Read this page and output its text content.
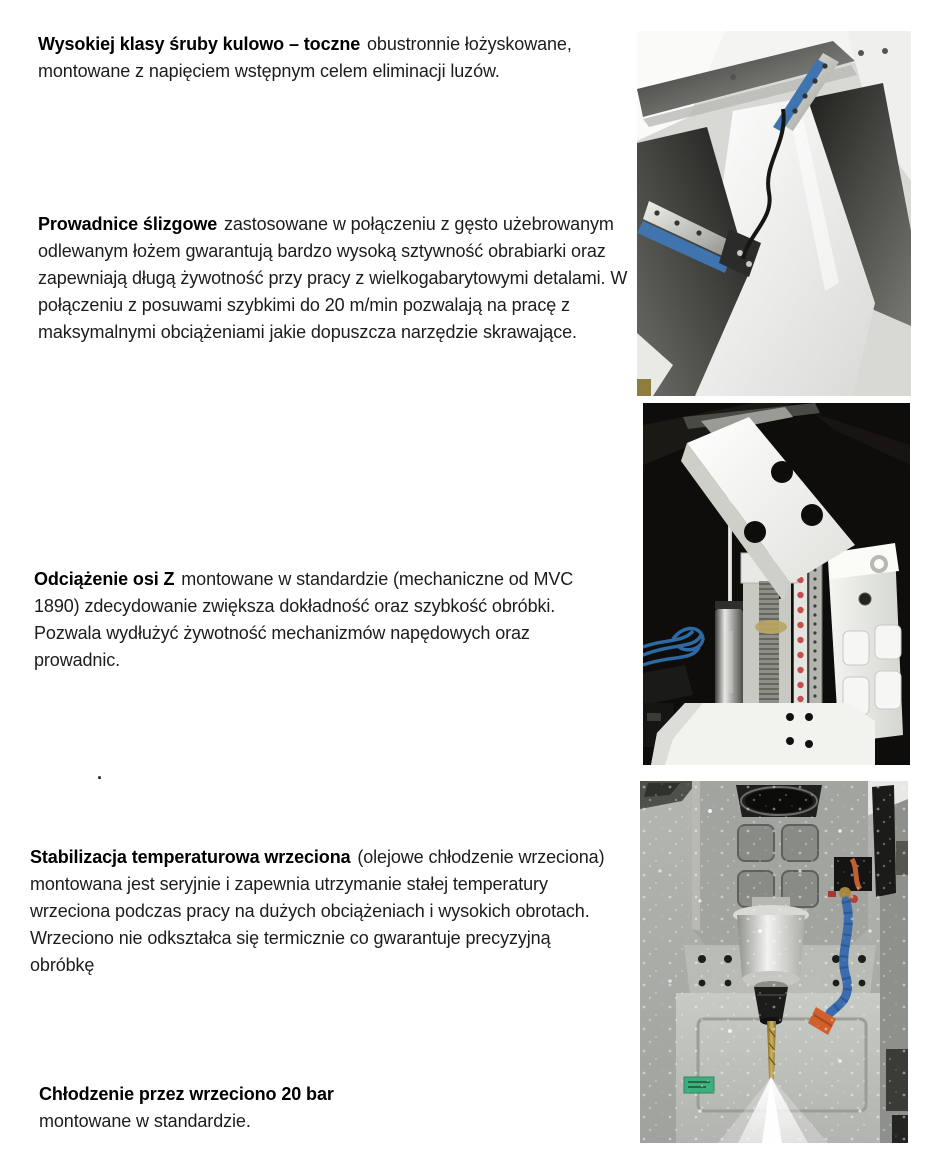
Wysokiej klasy śruby kulowo – toczne obustronnie łożyskowane, montowane z napięciem wstępnym celem eliminacji luzów.

Prowadnice ślizgowe zastosowane w połączeniu z gęsto użebrowanym odlewanym łożem gwarantują bardzo wysoką sztywność obrabiarki oraz zapewniają długą żywotność przy pracy z wielkogabarytowymi detalami. W połączeniu z posuwami szybkimi do 20 m/min pozwalają na pracę z maksymalnymi obciążeniami jakie dopuszcza narzędzie skrawające.

Odciążenie osi Z montowane w standardzie (mechaniczne od MVC 1890) zdecydowanie zwiększa dokładność oraz szybkość obróbki. Pozwala wydłużyć żywotność mechanizmów napędowych oraz prowadnic.

.

Stabilizacja temperaturowa wrzeciona (olejowe chłodzenie wrzeciona) montowana jest seryjnie i zapewnia utrzymanie stałej temperatury wrzeciona podczas pracy na dużych obciążeniach i wysokich obrotach. Wrzeciono nie odkształca się termicznie co gwarantuje precyzyjną obróbkę

Chłodzenie przez wrzeciono 20 bar
montowane w standardzie.
